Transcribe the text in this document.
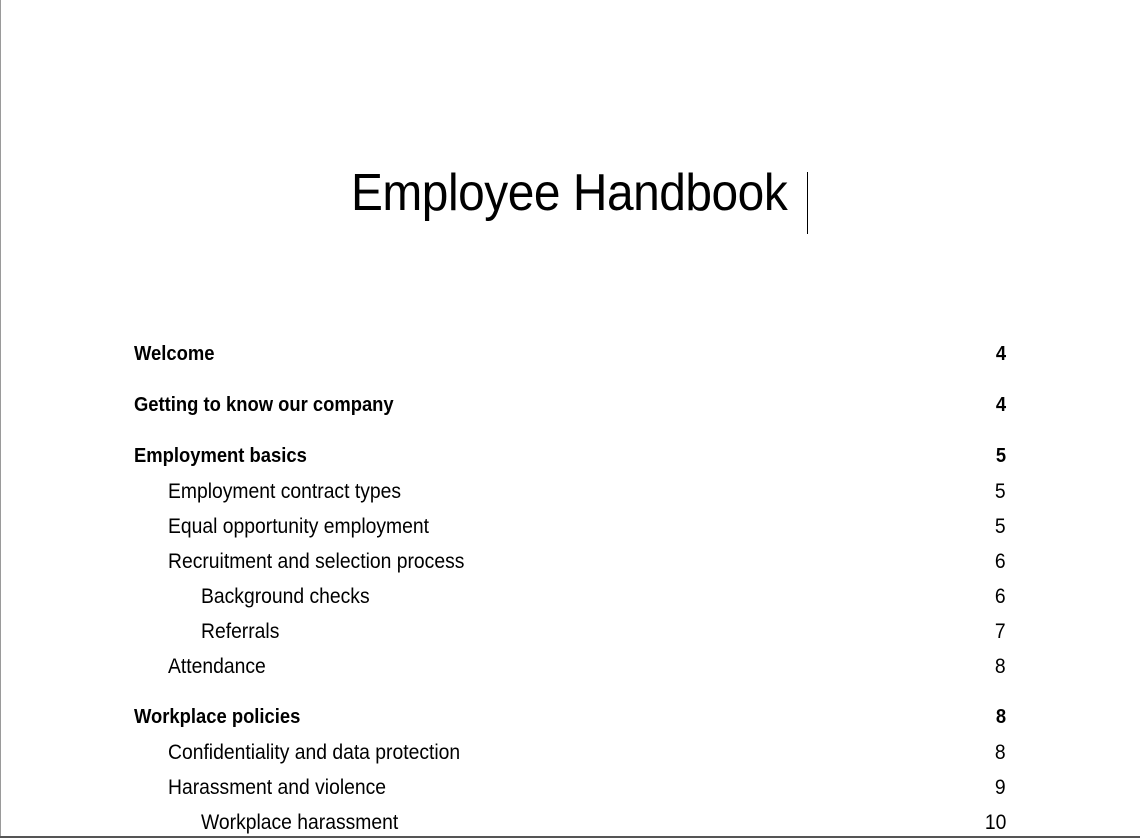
Employee Handbook
Welcome	4
Getting to know our company	4
Employment basics	5
Employment contract types	5
Equal opportunity employment	5
Recruitment and selection process	6
Background checks	6
Referrals	7
Attendance	8
Workplace policies	8
Confidentiality and data protection	8
Harassment and violence	9
Workplace harassment	10
